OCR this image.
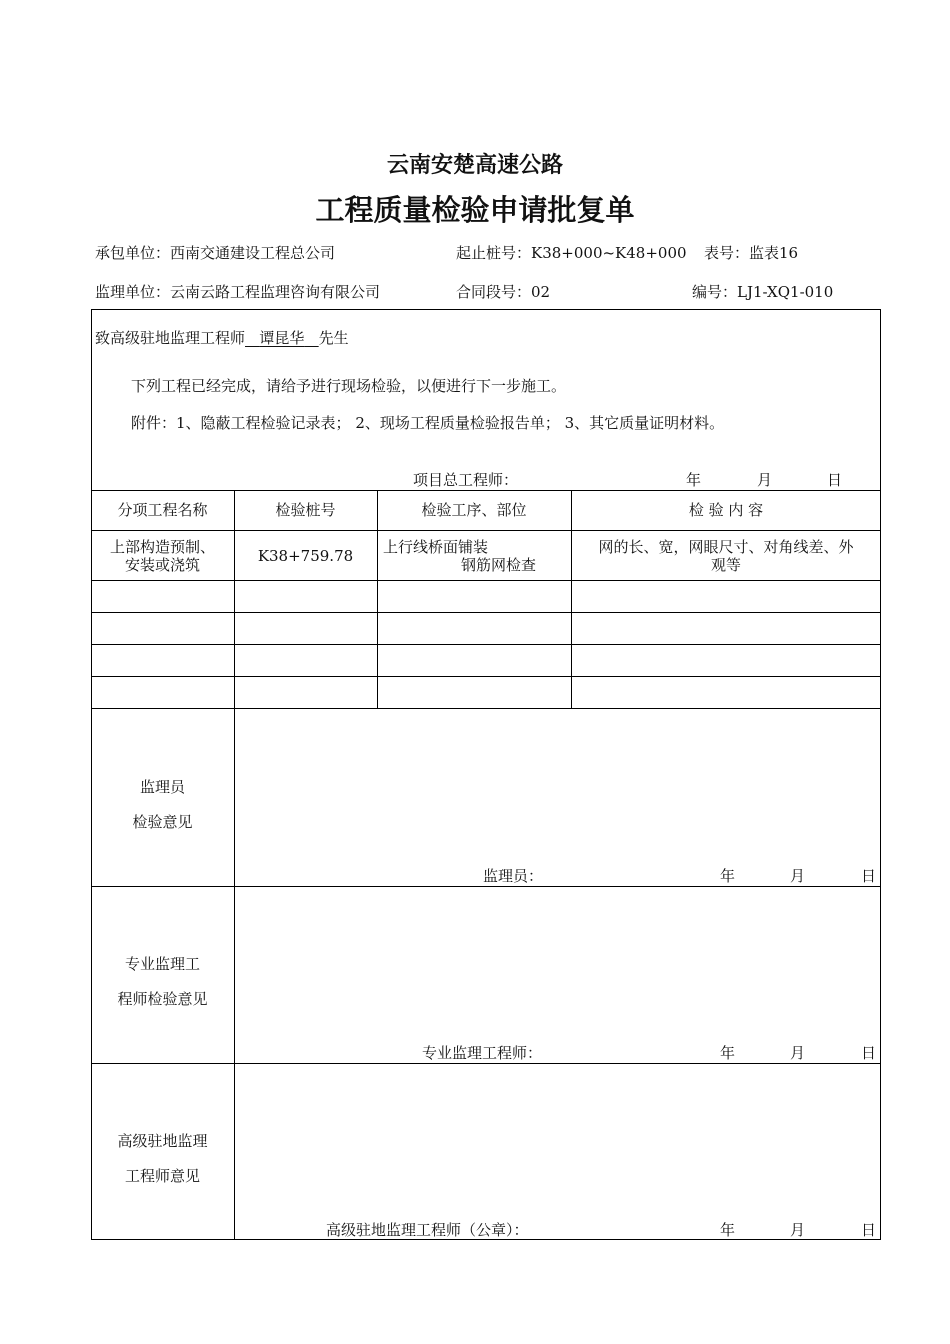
云南安楚高速公路
工程质量检验申请批复单
承包单位：西南交通建设工程总公司	起止桩号：K38+000~K48+000 表号：监表16
监理单位：云南云路工程监理咨询有限公司	合同段号：02	编号：LJ1-XQ1-010
致高级驻地监理工程师 谭昆华 先生
下列工程已经完成，请给予进行现场检验，以便进行下一步施工。
附件：1、隐蔽工程检验记录表； 2、现场工程质量检验报告单； 3、其它质量证明材料。
项目总工程师：	年	月	日
分项工程名称	检验桩号	检验工序、部位	检 验 内 容
上部构造预制、
安装或浇筑	K38+759.78	上行线桥面铺装
钢筋网检查
网的长、宽，网眼尺寸、对角线差、外
观等
监理员
检验意见
监理员：	年	月	日
专业监理工
程师检验意见
专业监理工程师：	年	月	日
高级驻地监理
工程师意见
高级驻地监理工程师（公章）：	年	月	日
